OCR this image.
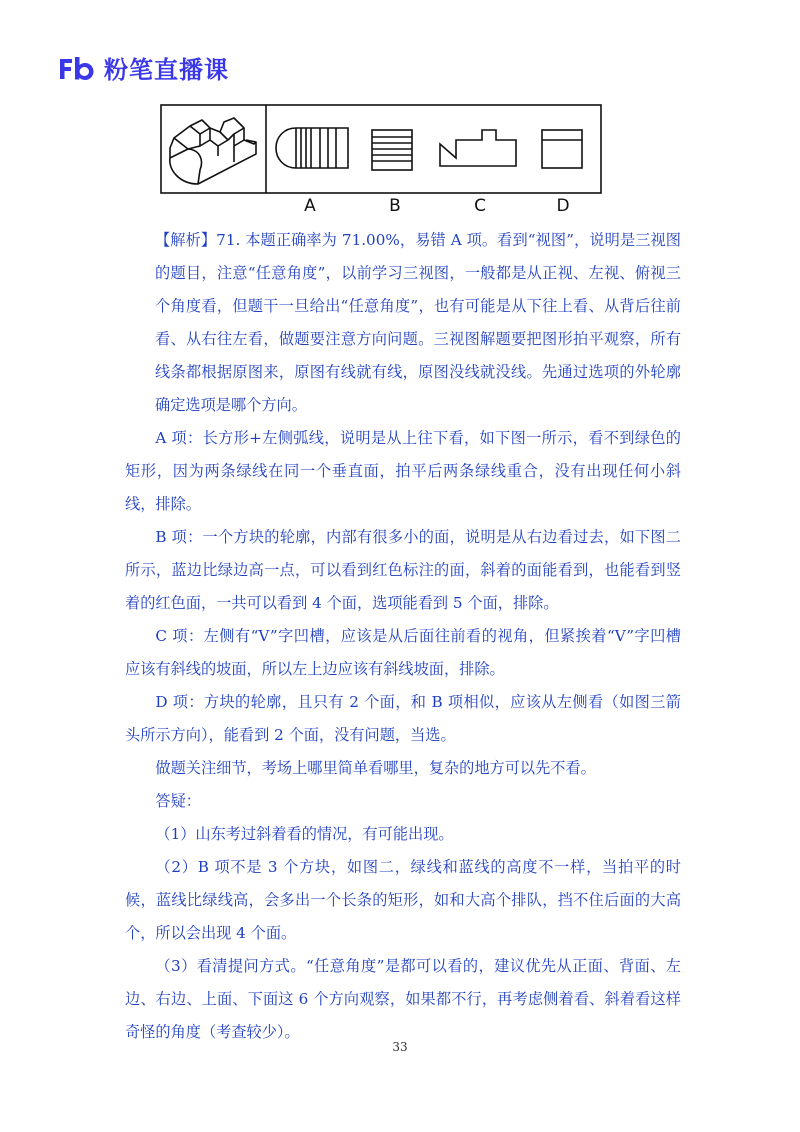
粉笔直播课
A	B	C	D

【解析】71. 本题正确率为 71.00%，易错 A 项。看到“视图”，说明是三视图的题目，注意“任意角度”，以前学习三视图，一般都是从正视、左视、俯视三个角度看，但题干一旦给出“任意角度”，也有可能是从下往上看、从背后往前看、从右往左看，做题要注意方向问题。三视图解题要把图形拍平观察，所有线条都根据原图来，原图有线就有线，原图没线就没线。先通过选项的外轮廓确定选项是哪个方向。

A 项：长方形+左侧弧线，说明是从上往下看，如下图一所示，看不到绿色的矩形，因为两条绿线在同一个垂直面，拍平后两条绿线重合，没有出现任何小斜线，排除。

B 项：一个方块的轮廓，内部有很多小的面，说明是从右边看过去，如下图二所示，蓝边比绿边高一点，可以看到红色标注的面，斜着的面能看到，也能看到竖着的红色面，一共可以看到 4 个面，选项能看到 5 个面，排除。

C 项：左侧有“V”字凹槽，应该是从后面往前看的视角，但紧挨着“V”字凹槽应该有斜线的坡面，所以左上边应该有斜线坡面，排除。

D 项：方块的轮廓，且只有 2 个面，和 B 项相似，应该从左侧看（如图三箭头所示方向），能看到 2 个面，没有问题，当选。

做题关注细节，考场上哪里简单看哪里，复杂的地方可以先不看。

答疑：

（1）山东考过斜着看的情况，有可能出现。

（2）B 项不是 3 个方块，如图二，绿线和蓝线的高度不一样，当拍平的时候，蓝线比绿线高，会多出一个长条的矩形，如和大高个排队，挡不住后面的大高个，所以会出现 4 个面。

（3）看清提问方式。“任意角度”是都可以看的，建议优先从正面、背面、左边、右边、上面、下面这 6 个方向观察，如果都不行，再考虑侧着看、斜着看这样奇怪的角度（考查较少）。

33
